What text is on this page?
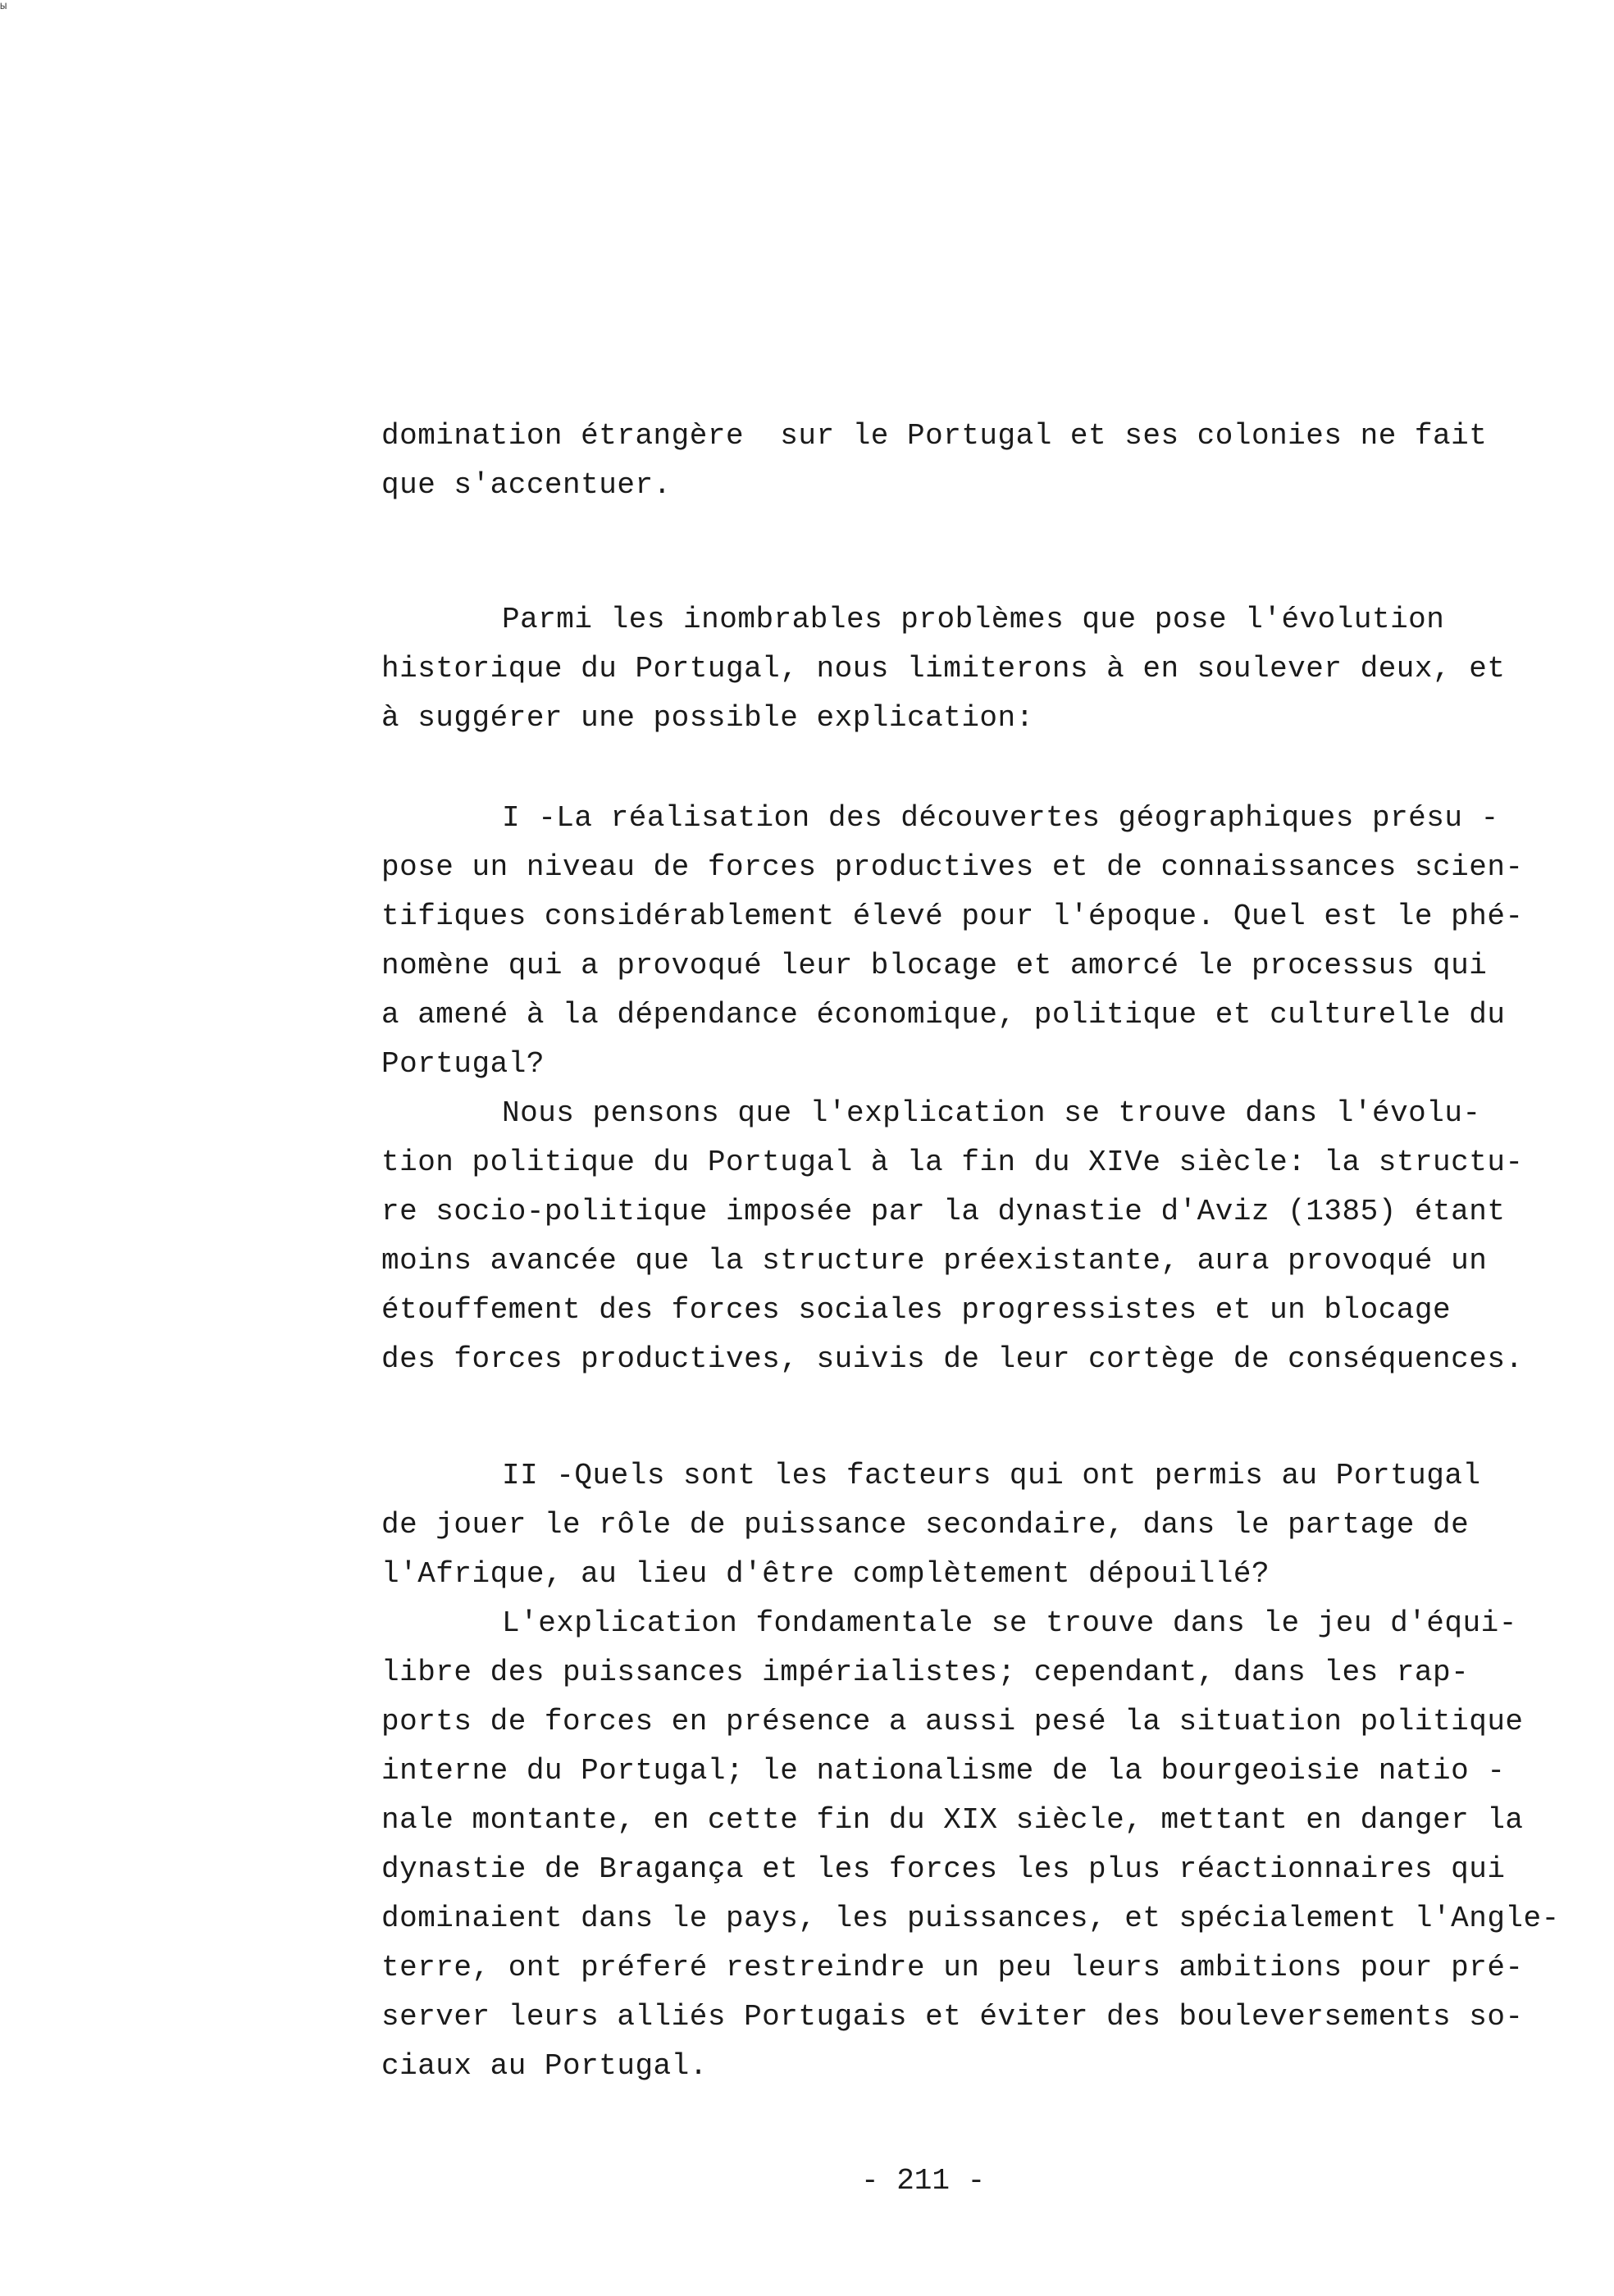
ы
domination étrangère  sur le Portugal et ses colonies ne fait
que s'accentuer.
Parmi les inombrables problèmes que pose l'évolution
historique du Portugal, nous limiterons à en soulever deux, et
à suggérer une possible explication:
I -La réalisation des découvertes géographiques présu -
pose un niveau de forces productives et de connaissances scien-
tifiques considérablement élevé pour l'époque. Quel est le phé-
nomène qui a provoqué leur blocage et amorcé le processus qui
a amené à la dépendance économique, politique et culturelle du
Portugal?
Nous pensons que l'explication se trouve dans l'évolu-
tion politique du Portugal à la fin du XIVe siècle: la structu-
re socio-politique imposée par la dynastie d'Aviz (1385) étant
moins avancée que la structure préexistante, aura provoqué un
étouffement des forces sociales progressistes et un blocage
des forces productives, suivis de leur cortège de conséquences.
II -Quels sont les facteurs qui ont permis au Portugal
de jouer le rôle de puissance secondaire, dans le partage de
l'Afrique, au lieu d'être complètement dépouillé?
L'explication fondamentale se trouve dans le jeu d'équi-
libre des puissances impérialistes; cependant, dans les rap-
ports de forces en présence a aussi pesé la situation politique
interne du Portugal; le nationalisme de la bourgeoisie natio -
nale montante, en cette fin du XIX siècle, mettant en danger la
dynastie de Bragança et les forces les plus réactionnaires qui
dominaient dans le pays, les puissances, et spécialement l'Angle-
terre, ont préferé restreindre un peu leurs ambitions pour pré-
server leurs alliés Portugais et éviter des bouleversements so-
ciaux au Portugal.
- 211 -
